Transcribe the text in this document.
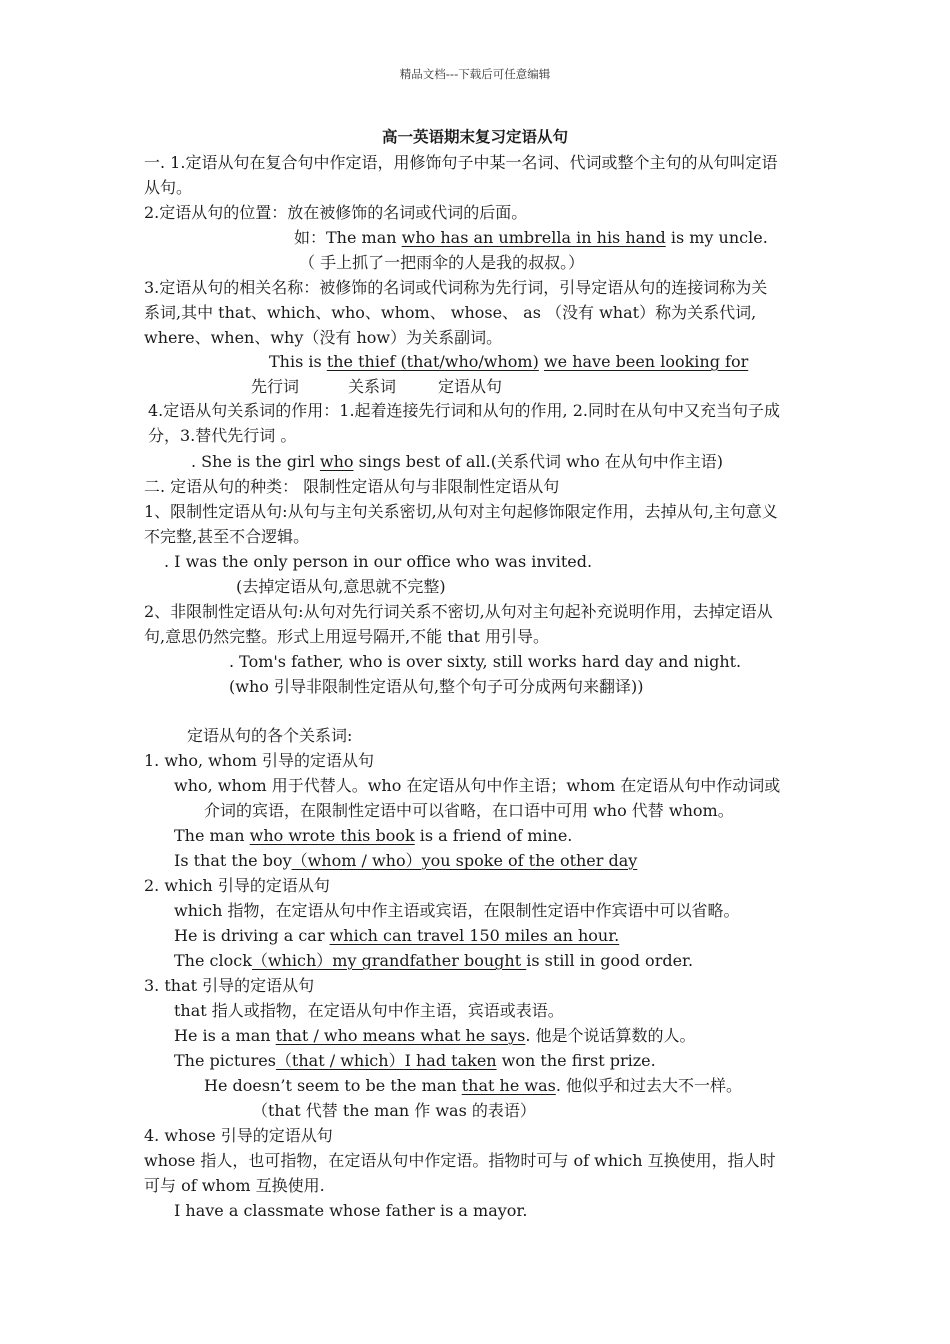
精品文档---下载后可任意编辑
高一英语期末复习定语从句
一. 1.定语从句在复合句中作定语，用修饰句子中某一名词、代词或整个主句的从句叫定语
从句。
2.定语从句的位置：放在被修饰的名词或代词的后面。
如：The man who has an umbrella in his hand is my uncle.
（ 手上抓了一把雨伞的人是我的叔叔。）
3.定语从句的相关名称：被修饰的名词或代词称为先行词，引导定语从句的连接词称为关
系词,其中 that、which、who、whom、 whose、 as （没有 what）称为关系代词,
where、when、why（没有 how）为关系副词。
This is the thief (that/who/whom) we have been looking for
4.定语从句关系词的作用：1.起着连接先行词和从句的作用, 2.同时在从句中又充当句子成
分，3.替代先行词 。
. She is the girl who sings best of all.(关系代词 who 在从句中作主语)
二. 定语从句的种类： 限制性定语从句与非限制性定语从句
1、限制性定语从句:从句与主句关系密切,从句对主句起修饰限定作用，去掉从句,主句意义
不完整,甚至不合逻辑。
. I was the only person in our office who was invited.
(去掉定语从句,意思就不完整)
2、非限制性定语从句:从句对先行词关系不密切,从句对主句起补充说明作用，去掉定语从
句,意思仍然完整。形式上用逗号隔开,不能 that 用引导。
. Tom's father, who is over sixty, still works hard day and night.
(who 引导非限制性定语从句,整个句子可分成两句来翻译))
定语从句的各个关系词:
1. who, whom 引导的定语从句
who, whom 用于代替人。who 在定语从句中作主语；whom 在定语从句中作动词或
介词的宾语，在限制性定语中可以省略，在口语中可用 who 代替 whom。
The man who wrote this book is a friend of mine.
Is that the boy（whom / who）you spoke of the other day
2. which 引导的定语从句
which 指物，在定语从句中作主语或宾语，在限制性定语中作宾语中可以省略。
He is driving a car which can travel 150 miles an hour.
The clock（which）my grandfather bought is still in good order.
3. that 引导的定语从句
that 指人或指物，在定语从句中作主语，宾语或表语。
He is a man that / who means what he says. 他是个说话算数的人。
The pictures（that / which）I had taken won the first prize.
He doesn’t seem to be the man that he was. 他似乎和过去大不一样。
（that 代替 the man 作 was 的表语）
4. whose 引导的定语从句
whose 指人，也可指物，在定语从句中作定语。指物时可与 of which 互换使用，指人时
可与 of whom 互换使用.
I have a classmate whose father is a mayor.
先行词	关系词	定语从句
